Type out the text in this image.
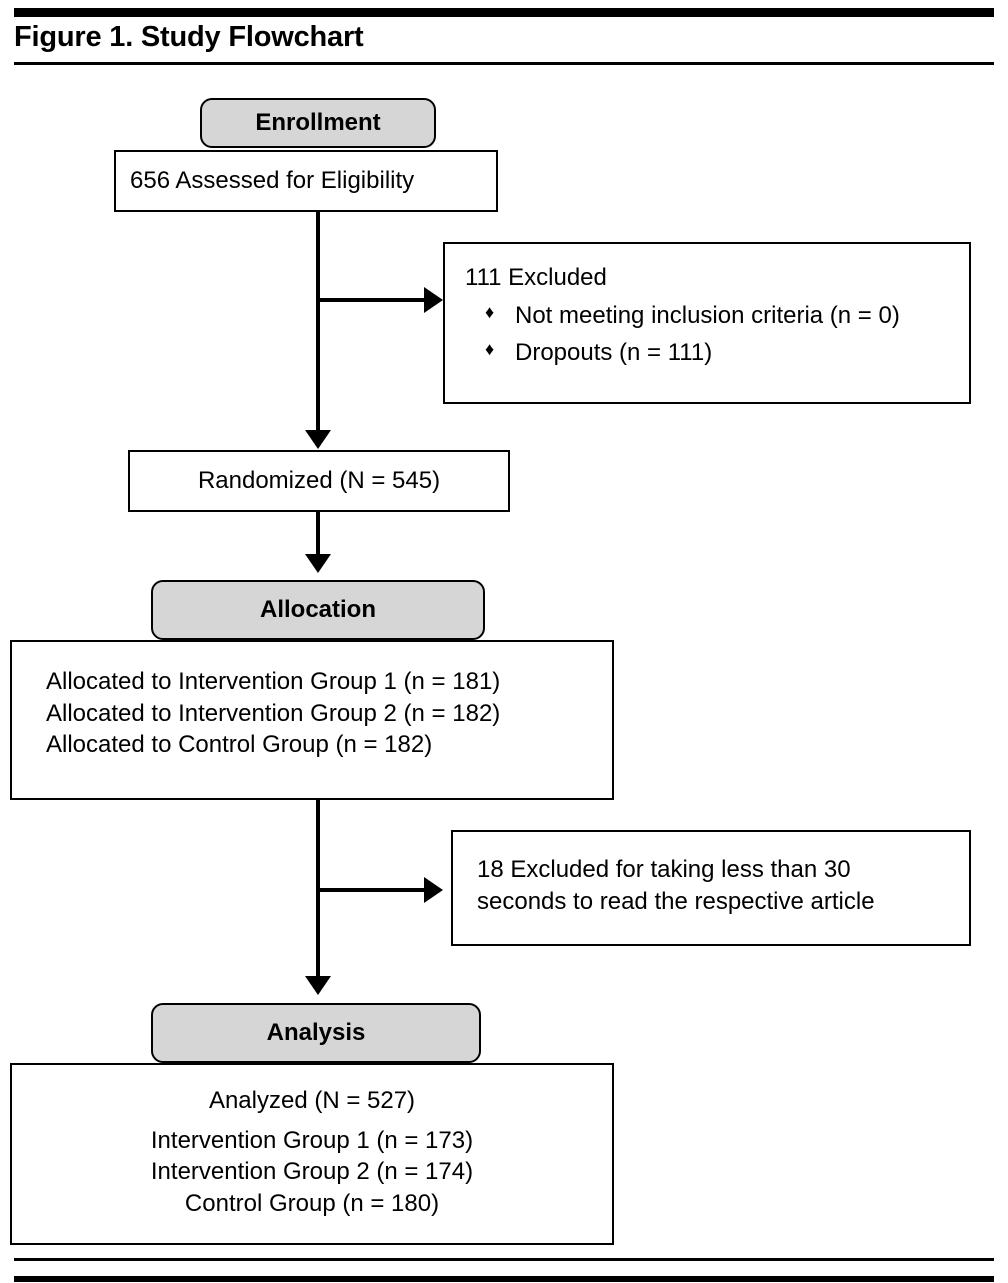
Figure 1. Study Flowchart
Enrollment
656 Assessed for Eligibility
111 Excluded
♦ Not meeting inclusion criteria (n = 0)
♦ Dropouts (n = 111)
Randomized (N = 545)
Allocation
Allocated to Intervention Group 1 (n = 181)
Allocated to Intervention Group 2 (n = 182)
Allocated to Control Group (n = 182)
18 Excluded for taking less than 30
seconds to read the respective article
Analysis
Analyzed (N = 527)
Intervention Group 1 (n = 173)
Intervention Group 2 (n = 174)
Control Group (n = 180)
